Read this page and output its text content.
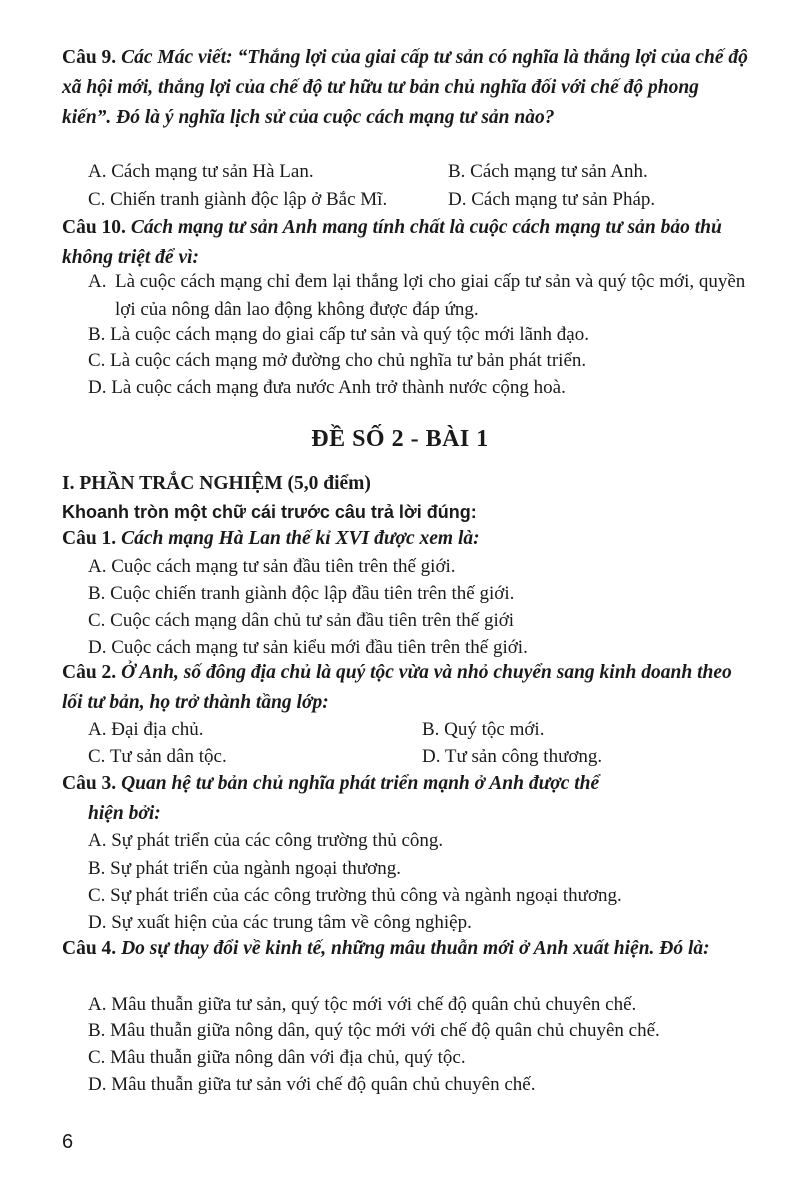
Câu 9. Các Mác viết: “Thắng lợi của giai cấp tư sản có nghĩa là thắng lợi của chế độ xã hội mới, thắng lợi của chế độ tư hữu tư bản chủ nghĩa đối với chế độ phong kiến”. Đó là ý nghĩa lịch sử của cuộc cách mạng tư sản nào?
A. Cách mạng tư sản Hà Lan.	B. Cách mạng tư sản Anh.
C. Chiến tranh giành độc lập ở Bắc Mĩ.	D. Cách mạng tư sản Pháp.
Câu 10. Cách mạng tư sản Anh mang tính chất là cuộc cách mạng tư sản bảo thủ không triệt để vì:
A. Là cuộc cách mạng chỉ đem lại thắng lợi cho giai cấp tư sản và quý tộc mới, quyền lợi của nông dân lao động không được đáp ứng.
B. Là cuộc cách mạng do giai cấp tư sản và quý tộc mới lãnh đạo.
C. Là cuộc cách mạng mở đường cho chủ nghĩa tư bản phát triển.
D. Là cuộc cách mạng đưa nước Anh trở thành nước cộng hoà.
ĐỀ SỐ 2 - BÀI 1
I. PHẦN TRẮC NGHIỆM (5,0 điểm)
Khoanh tròn một chữ cái trước câu trả lời đúng:
Câu 1. Cách mạng Hà Lan thế kỉ XVI được xem là:
A. Cuộc cách mạng tư sản đầu tiên trên thế giới.
B. Cuộc chiến tranh giành độc lập đầu tiên trên thế giới.
C. Cuộc cách mạng dân chủ tư sản đầu tiên trên thế giới
D. Cuộc cách mạng tư sản kiểu mới đầu tiên trên thế giới.
Câu 2. Ở Anh, số đông địa chủ là quý tộc vừa và nhỏ chuyển sang kinh doanh theo lối tư bản, họ trở thành tầng lớp:
A. Đại địa chủ.	B. Quý tộc mới.
C. Tư sản dân tộc.	D. Tư sản công thương.
Câu 3. Quan hệ tư bản chủ nghĩa phát triển mạnh ở Anh được thể
hiện bởi:
A. Sự phát triển của các công trường thủ công.
B. Sự phát triển của ngành ngoại thương.
C. Sự phát triển của các công trường thủ công và ngành ngoại thương.
D. Sự xuất hiện của các trung tâm về công nghiệp.
Câu 4. Do sự thay đổi về kinh tế, những mâu thuẫn mới ở Anh xuất hiện. Đó là:
A. Mâu thuẫn giữa tư sản, quý tộc mới với chế độ quân chủ chuyên chế.
B. Mâu thuẫn giữa nông dân, quý tộc mới với chế độ quân chủ chuyên chế.
C. Mâu thuẫn giữa nông dân với địa chủ, quý tộc.
D. Mâu thuẫn giữa tư sản với chế độ quân chủ chuyên chế.
6
